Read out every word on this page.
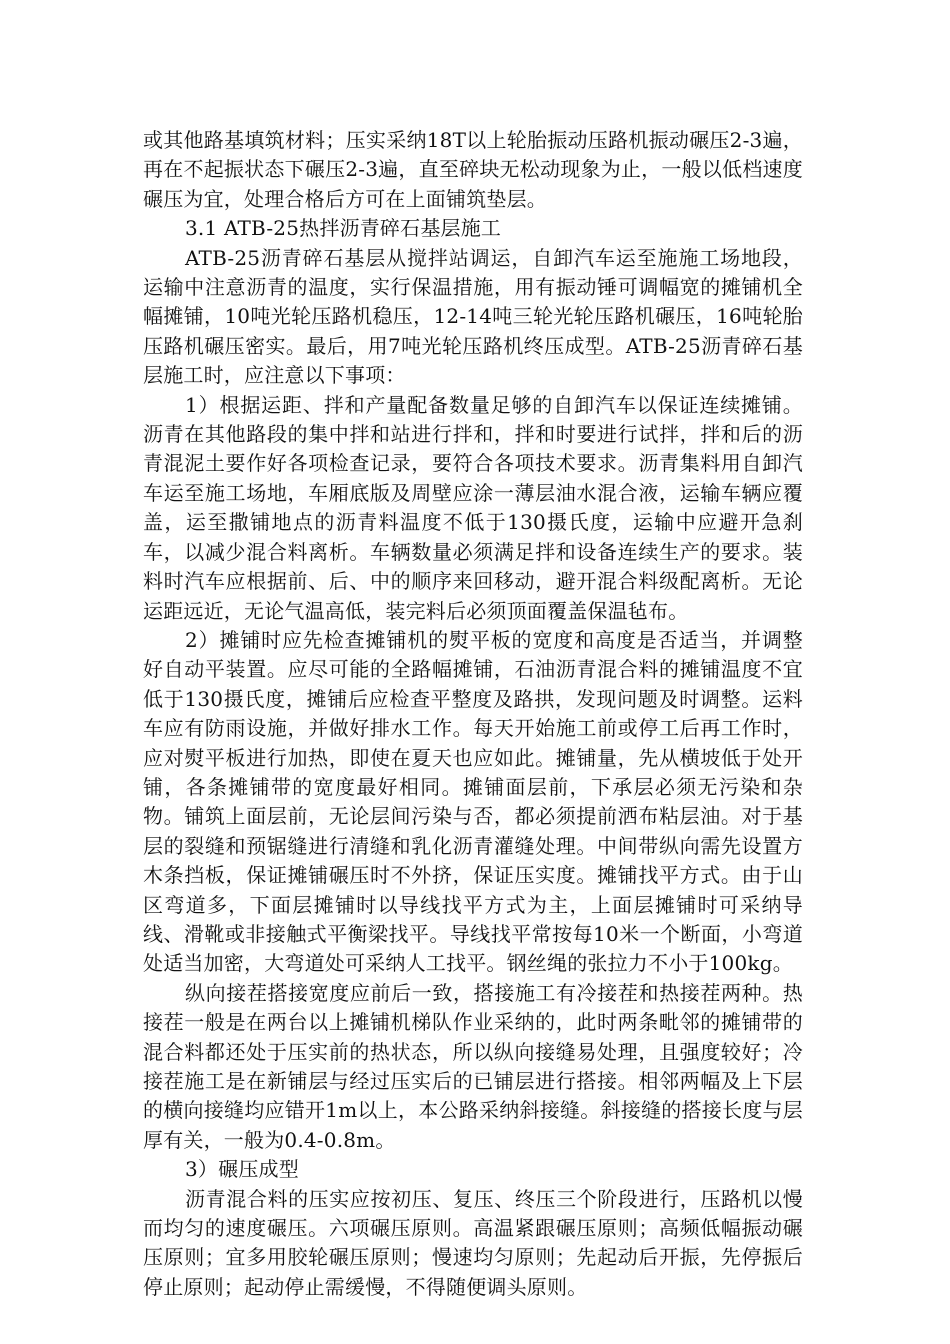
或其他路基填筑材料；压实采纳18T以上轮胎振动压路机振动碾压2-3遍，再在不起振状态下碾压2-3遍，直至碎块无松动现象为止，一般以低档速度碾压为宜，处理合格后方可在上面铺筑垫层。

3.1 ATB-25热拌沥青碎石基层施工

ATB-25沥青碎石基层从搅拌站调运，自卸汽车运至施施工场地段，运输中注意沥青的温度，实行保温措施，用有振动锤可调幅宽的摊铺机全幅摊铺，10吨光轮压路机稳压，12-14吨三轮光轮压路机碾压，16吨轮胎压路机碾压密实。最后，用7吨光轮压路机终压成型。ATB-25沥青碎石基层施工时，应注意以下事项：

1）根据运距、拌和产量配备数量足够的自卸汽车以保证连续摊铺。沥青在其他路段的集中拌和站进行拌和，拌和时要进行试拌，拌和后的沥青混泥土要作好各项检查记录，要符合各项技术要求。沥青集料用自卸汽车运至施工场地，车厢底版及周壁应涂一薄层油水混合液，运输车辆应覆盖，运至撒铺地点的沥青料温度不低于130摄氏度，运输中应避开急刹车，以减少混合料离析。车辆数量必须满足拌和设备连续生产的要求。装料时汽车应根据前、后、中的顺序来回移动，避开混合料级配离析。无论运距远近，无论气温高低，装完料后必须顶面覆盖保温毡布。

2）摊铺时应先检查摊铺机的熨平板的宽度和高度是否适当，并调整好自动平装置。应尽可能的全路幅摊铺，石油沥青混合料的摊铺温度不宜低于130摄氏度，摊铺后应检查平整度及路拱，发现问题及时调整。运料车应有防雨设施，并做好排水工作。每天开始施工前或停工后再工作时，应对熨平板进行加热，即使在夏天也应如此。摊铺量，先从横坡低于处开铺，各条摊铺带的宽度最好相同。摊铺面层前，下承层必须无污染和杂物。铺筑上面层前，无论层间污染与否，都必须提前洒布粘层油。对于基层的裂缝和预锯缝进行清缝和乳化沥青灌缝处理。中间带纵向需先设置方木条挡板，保证摊铺碾压时不外挤，保证压实度。摊铺找平方式。由于山区弯道多，下面层摊铺时以导线找平方式为主，上面层摊铺时可采纳导线、滑靴或非接触式平衡梁找平。导线找平常按每10米一个断面，小弯道处适当加密，大弯道处可采纳人工找平。钢丝绳的张拉力不小于100kg。

纵向接茬搭接宽度应前后一致，搭接施工有冷接茬和热接茬两种。热接茬一般是在两台以上摊铺机梯队作业采纳的，此时两条毗邻的摊铺带的混合料都还处于压实前的热状态，所以纵向接缝易处理，且强度较好；冷接茬施工是在新铺层与经过压实后的已铺层进行搭接。相邻两幅及上下层的横向接缝均应错开1m以上，本公路采纳斜接缝。斜接缝的搭接长度与层厚有关，一般为0.4-0.8m。

3）碾压成型

沥青混合料的压实应按初压、复压、终压三个阶段进行，压路机以慢而均匀的速度碾压。六项碾压原则。高温紧跟碾压原则；高频低幅振动碾压原则；宜多用胶轮碾压原则；慢速均匀原则；先起动后开振，先停振后停止原则；起动停止需缓慢，不得随便调头原则。
